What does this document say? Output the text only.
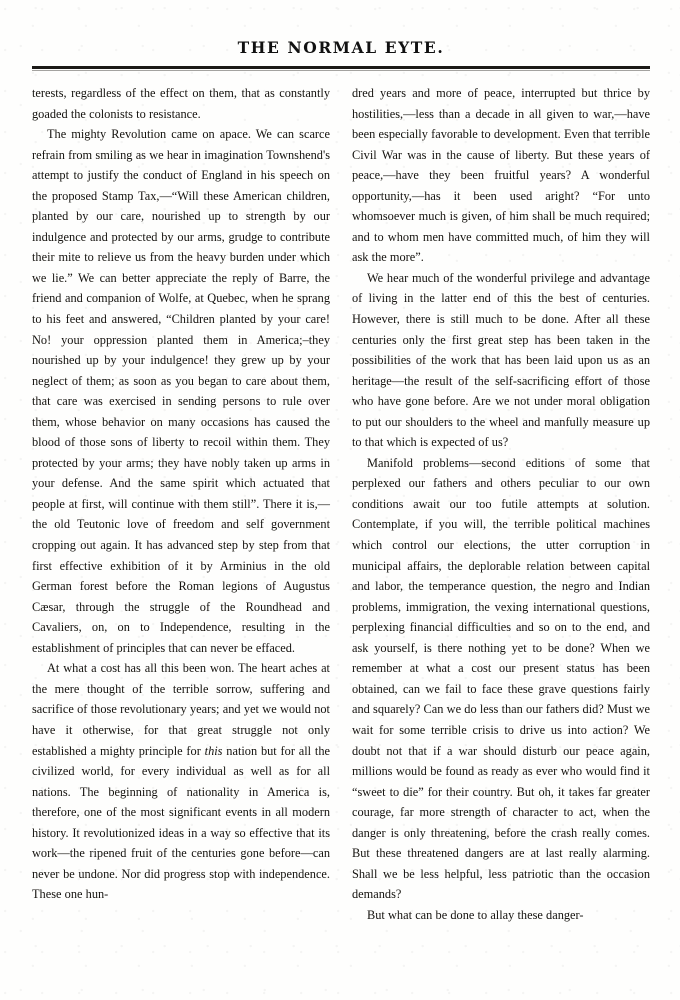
THE NORMAL EYTE.

terests, regardless of the effect on them, that as constantly goaded the colonists to resistance.

The mighty Revolution came on apace. We can scarce refrain from smiling as we hear in imagination Townshend's attempt to justify the conduct of England in his speech on the proposed Stamp Tax,—“Will these American children, planted by our care, nourished up to strength by our indulgence and protected by our arms, grudge to contribute their mite to relieve us from the heavy burden under which we lie.” We can better appreciate the reply of Barre, the friend and companion of Wolfe, at Quebec, when he sprang to his feet and answered, “Children planted by your care! No! your oppression planted them in America;–they nourished up by your indulgence! they grew up by your neglect of them; as soon as you began to care about them, that care was exercised in sending persons to rule over them, whose behavior on many occasions has caused the blood of those sons of liberty to recoil within them. They protected by your arms; they have nobly taken up arms in your defense. And the same spirit which actuated that people at first, will continue with them still”. There it is,—the old Teutonic love of freedom and self government cropping out again. It has advanced step by step from that first effective exhibition of it by Arminius in the old German forest before the Roman legions of Augustus Cæsar, through the struggle of the Roundhead and Cavaliers, on, on to Independence, resulting in the establishment of principles that can never be effaced.

At what a cost has all this been won. The heart aches at the mere thought of the terrible sorrow, suffering and sacrifice of those revolutionary years; and yet we would not have it otherwise, for that great struggle not only established a mighty principle for this nation but for all the civilized world, for every individual as well as for all nations. The beginning of nationality in America is, therefore, one of the most significant events in all modern history. It revolutionized ideas in a way so effective that its work—the ripened fruit of the centuries gone before—can never be undone. Nor did progress stop with independence. These one hun-

dred years and more of peace, interrupted but thrice by hostilities,—less than a decade in all given to war,—have been especially favorable to development. Even that terrible Civil War was in the cause of liberty. But these years of peace,—have they been fruitful years? A wonderful opportunity,—has it been used aright? “For unto whomsoever much is given, of him shall be much required; and to whom men have committed much, of him they will ask the more”.

We hear much of the wonderful privilege and advantage of living in the latter end of this the best of centuries. However, there is still much to be done. After all these centuries only the first great step has been taken in the possibilities of the work that has been laid upon us as an heritage—the result of the self-sacrificing effort of those who have gone before. Are we not under moral obligation to put our shoulders to the wheel and manfully measure up to that which is expected of us?

Manifold problems—second editions of some that perplexed our fathers and others peculiar to our own conditions await our too futile attempts at solution. Contemplate, if you will, the terrible political machines which control our elections, the utter corruption in municipal affairs, the deplorable relation between capital and labor, the temperance question, the negro and Indian problems, immigration, the vexing international questions, perplexing financial difficulties and so on to the end, and ask yourself, is there nothing yet to be done? When we remember at what a cost our present status has been obtained, can we fail to face these grave questions fairly and squarely? Can we do less than our fathers did? Must we wait for some terrible crisis to drive us into action? We doubt not that if a war should disturb our peace again, millions would be found as ready as ever who would find it “sweet to die” for their country. But oh, it takes far greater courage, far more strength of character to act, when the danger is only threatening, before the crash really comes. But these threatened dangers are at last really alarming. Shall we be less helpful, less patriotic than the occasion demands?

But what can be done to allay these danger-
